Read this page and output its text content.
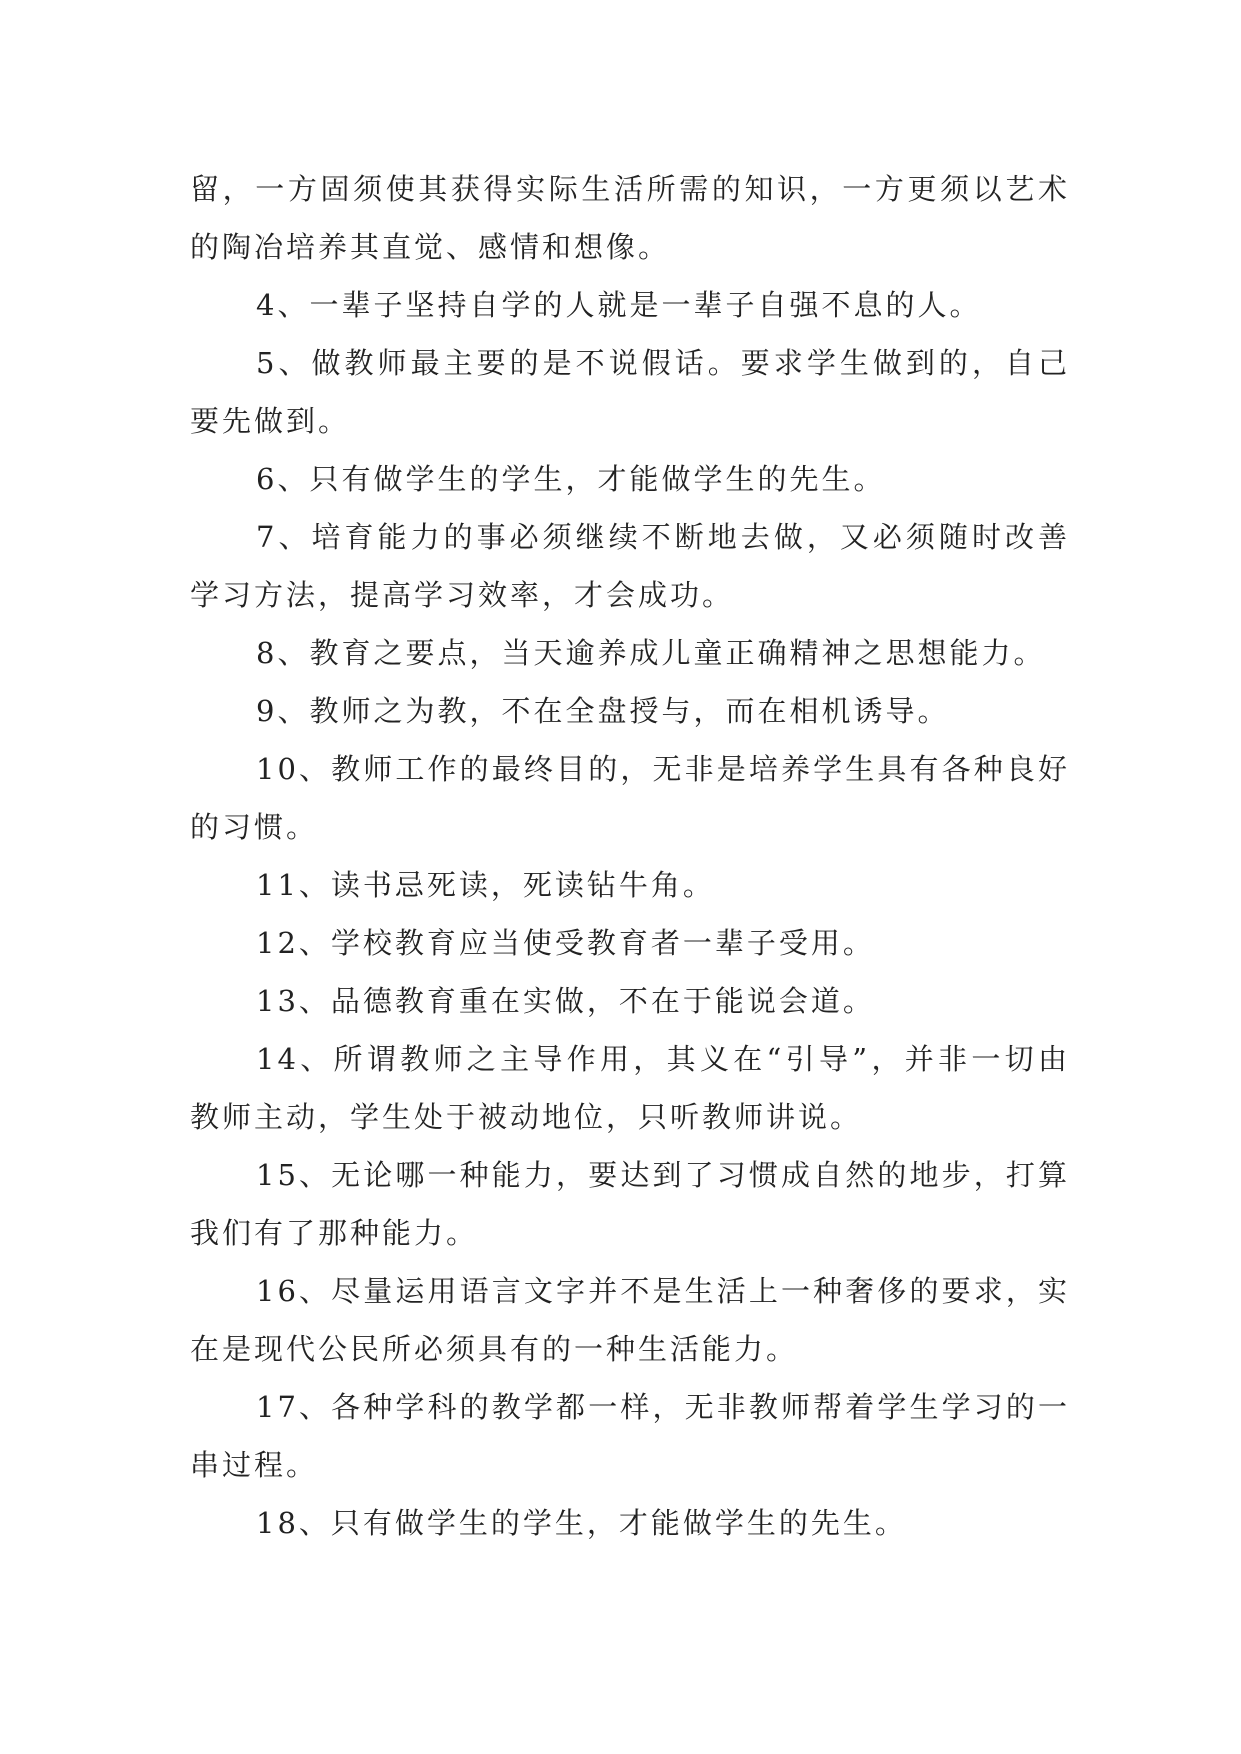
留，一方固须使其获得实际生活所需的知识，一方更须以艺术的陶冶培养其直觉、感情和想像。

4、一辈子坚持自学的人就是一辈子自强不息的人。

5、做教师最主要的是不说假话。要求学生做到的，自己要先做到。

6、只有做学生的学生，才能做学生的先生。

7、培育能力的事必须继续不断地去做，又必须随时改善学习方法，提高学习效率，才会成功。

8、教育之要点，当天逾养成儿童正确精神之思想能力。

9、教师之为教，不在全盘授与，而在相机诱导。

10、教师工作的最终目的，无非是培养学生具有各种良好的习惯。

11、读书忌死读，死读钻牛角。

12、学校教育应当使受教育者一辈子受用。

13、品德教育重在实做，不在于能说会道。

14、所谓教师之主导作用，其义在“引导”，并非一切由教师主动，学生处于被动地位，只听教师讲说。

15、无论哪一种能力，要达到了习惯成自然的地步，打算我们有了那种能力。

16、尽量运用语言文字并不是生活上一种奢侈的要求，实在是现代公民所必须具有的一种生活能力。

17、各种学科的教学都一样，无非教师帮着学生学习的一串过程。

18、只有做学生的学生，才能做学生的先生。
